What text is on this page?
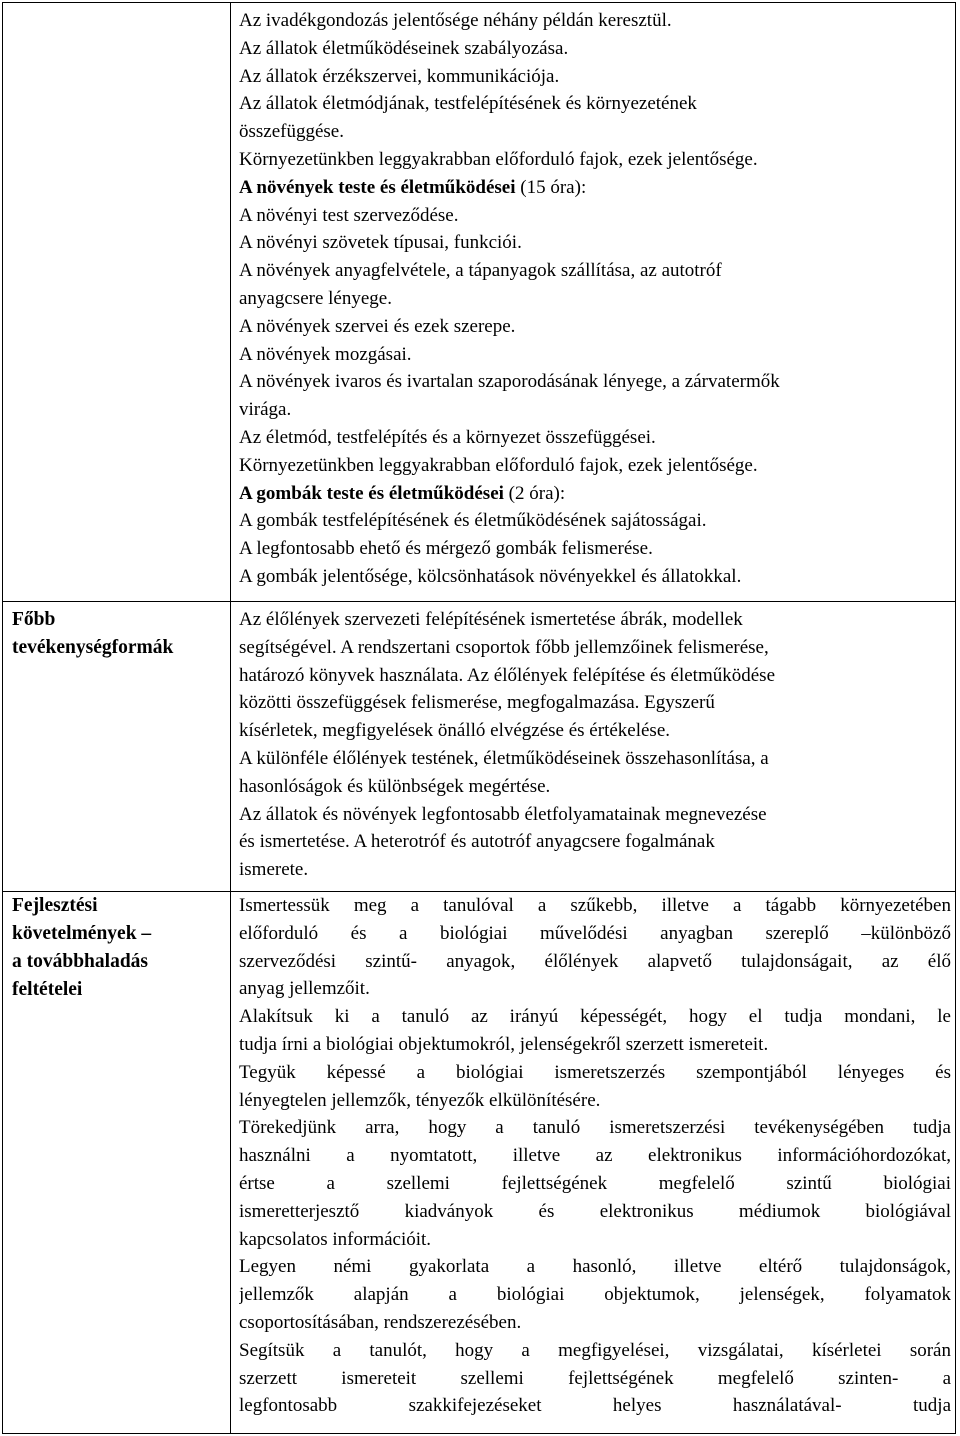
Az ivadékgondozás jelentősége néhány példán keresztül.
Az állatok életműködéseinek szabályozása.
Az állatok érzékszervei, kommunikációja.
Az állatok életmódjának, testfelépítésének és környezetének
összefüggése.
Környezetünkben leggyakrabban előforduló fajok, ezek jelentősége.
A növények teste és életműködései (15 óra):
A növényi test szerveződése.
A növényi szövetek típusai, funkciói.
A növények anyagfelvétele, a tápanyagok szállítása, az autotróf
anyagcsere lényege.
A növények szervei és ezek szerepe.
A növények mozgásai.
A növények ivaros és ivartalan szaporodásának lényege, a zárvatermők
virága.
Az életmód, testfelépítés és a környezet összefüggései.
Környezetünkben leggyakrabban előforduló fajok, ezek jelentősége.
A gombák teste és életműködései (2 óra):
A gombák testfelépítésének és életműködésének sajátosságai.
A legfontosabb ehető és mérgező gombák felismerése.
A gombák jelentősége, kölcsönhatások növényekkel és állatokkal.
Főbb
tevékenységformák
Az élőlények szervezeti felépítésének ismertetése ábrák, modellek
segítségével. A rendszertani csoportok főbb jellemzőinek felismerése,
határozó könyvek használata. Az élőlények felépítése és életműködése
közötti összefüggések felismerése, megfogalmazása. Egyszerű
kísérletek, megfigyelések önálló elvégzése és értékelése.
A különféle élőlények testének, életműködéseinek összehasonlítása, a
hasonlóságok és különbségek megértése.
Az állatok és növények legfontosabb életfolyamatainak megnevezése
és ismertetése. A heterotróf és autotróf anyagcsere fogalmának
ismerete.
Fejlesztési
követelmények –
a továbbhaladás
feltételei
Ismertessük meg a tanulóval a szűkebb, illetve a tágabb környezetében
előforduló és a biológiai művelődési anyagban szereplő –különböző
szerveződési szintű- anyagok, élőlények alapvető tulajdonságait, az élő
anyag jellemzőit.
Alakítsuk ki a tanuló az irányú képességét, hogy el tudja mondani, le
tudja írni a biológiai objektumokról, jelenségekről szerzett ismereteit.
Tegyük képessé a biológiai ismeretszerzés szempontjából lényeges és
lényegtelen jellemzők, tényezők elkülönítésére.
Törekedjünk arra, hogy a tanuló ismeretszerzési tevékenységében tudja
használni a nyomtatott, illetve az elektronikus információhordozókat,
értse a szellemi fejlettségének megfelelő szintű biológiai
ismeretterjesztő kiadványok és elektronikus médiumok biológiával
kapcsolatos információit.
Legyen némi gyakorlata a hasonló, illetve eltérő tulajdonságok,
jellemzők alapján a biológiai objektumok, jelenségek, folyamatok
csoportosításában, rendszerezésében.
Segítsük a tanulót, hogy a megfigyelései, vizsgálatai, kísérletei során
szerzett ismereteit szellemi fejlettségének megfelelő szinten- a
legfontosabb szakkifejezéseket helyes használatával- tudja
